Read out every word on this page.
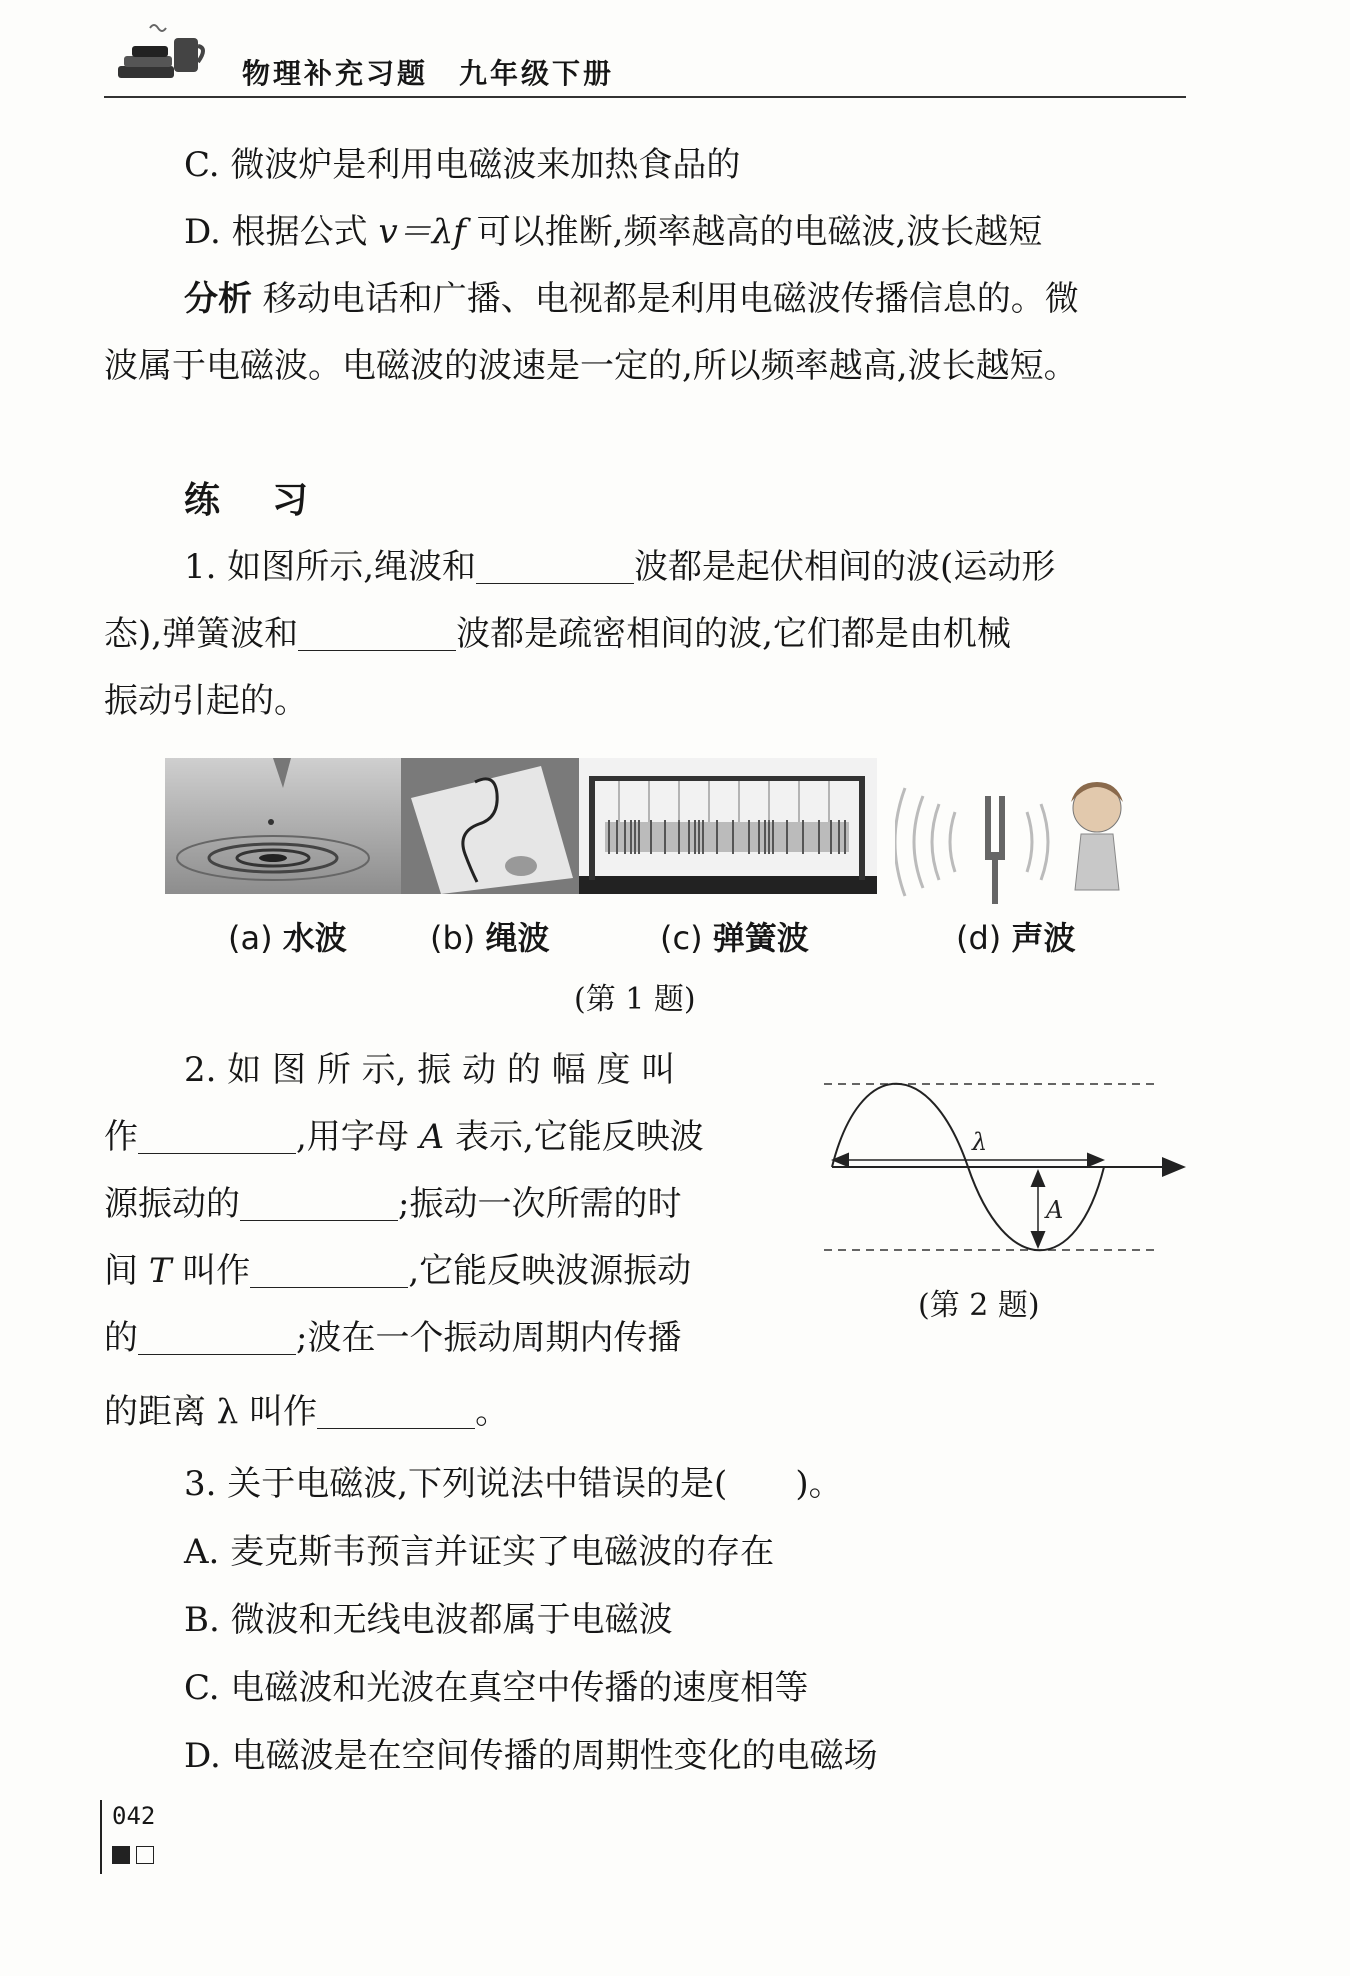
物理补充习题　九年级下册
C. 微波炉是利用电磁波来加热食品的
D. 根据公式 v＝λf 可以推断,频率越高的电磁波,波长越短
分析 移动电话和广播、电视都是利用电磁波传播信息的。微
波属于电磁波。电磁波的波速是一定的,所以频率越高,波长越短。
练　习
1. 如图所示,绳波和	波都是起伏相间的波(运动形
态),弹簧波和	波都是疏密相间的波,它们都是由机械
振动引起的。
(a) 水波	(b) 绳波	(c) 弹簧波	(d) 声波
(第 1 题)
2. 如 图 所 示, 振 动 的 幅 度 叫
作	,用字母 A 表示,它能反映波
源振动的	;振动一次所需的时
间 T 叫作	,它能反映波源振动
的	;波在一个振动周期内传播
的距离 λ 叫作	。
λ
A
(第 2 题)
3. 关于电磁波,下列说法中错误的是(　　)。
A. 麦克斯韦预言并证实了电磁波的存在
B. 微波和无线电波都属于电磁波
C. 电磁波和光波在真空中传播的速度相等
D. 电磁波是在空间传播的周期性变化的电磁场
042
